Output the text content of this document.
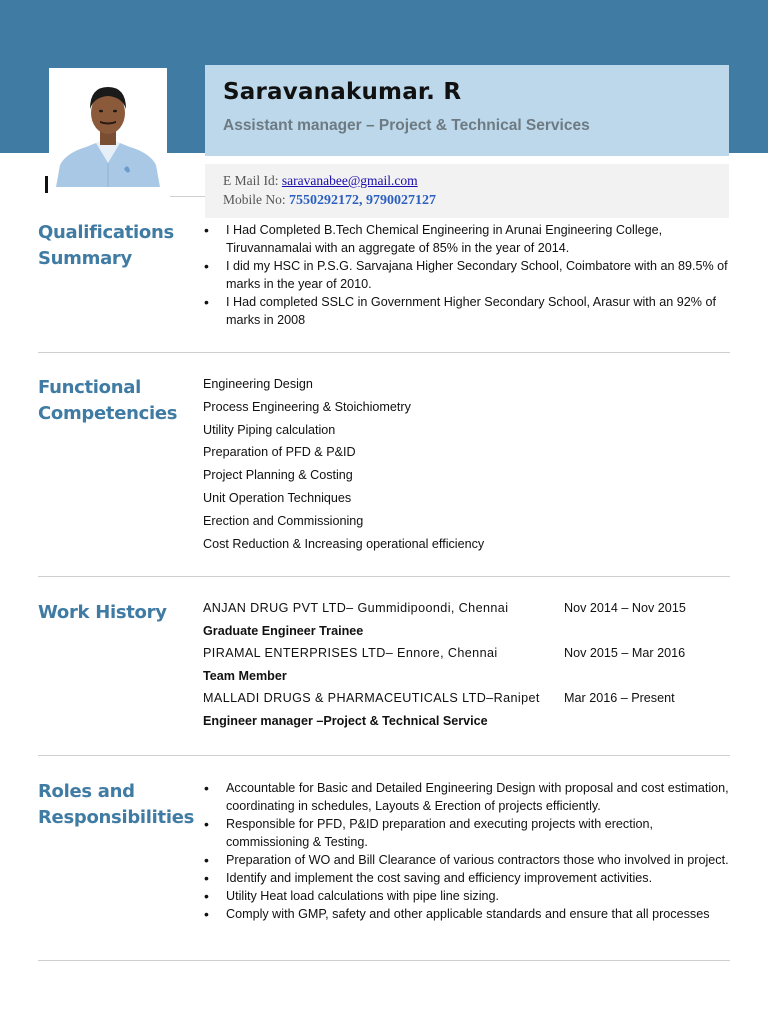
Saravanakumar. R
Assistant manager – Project & Technical Services
E Mail Id: saravanabee@gmail.com
Mobile No: 7550292172, 9790027127
Qualifications Summary
• I Had Completed B.Tech Chemical Engineering in Arunai Engineering College, Tiruvannamalai with an aggregate of 85% in the year of 2014.
• I did my HSC in P.S.G. Sarvajana Higher Secondary School, Coimbatore with an 89.5% of marks in the year of 2010.
• I Had completed SSLC in Government Higher Secondary School, Arasur with an 92% of marks in 2008
Functional Competencies
Engineering Design
Process Engineering & Stoichiometry
Utility Piping calculation
Preparation of PFD & P&ID
Project Planning & Costing
Unit Operation Techniques
Erection and Commissioning
Cost Reduction & Increasing operational efficiency
Work History	ANJAN DRUG PVT LTD– Gummidipoondi, Chennai	Nov 2014 – Nov 2015
Graduate Engineer Trainee
PIRAMAL ENTERPRISES LTD– Ennore, Chennai	Nov 2015 – Mar 2016
Team Member
MALLADI DRUGS & PHARMACEUTICALS LTD–Ranipet Mar 2016 – Present
Engineer manager –Project & Technical Service
Roles and Responsibilities
• Accountable for Basic and Detailed Engineering Design with proposal and cost estimation, coordinating in schedules, Layouts & Erection of projects efficiently.
• Responsible for PFD, P&ID preparation and executing projects with erection, commissioning & Testing.
• Preparation of WO and Bill Clearance of various contractors those who involved in project.
• Identify and implement the cost saving and efficiency improvement activities.
• Utility Heat load calculations with pipe line sizing.
• Comply with GMP, safety and other applicable standards and ensure that all processes
